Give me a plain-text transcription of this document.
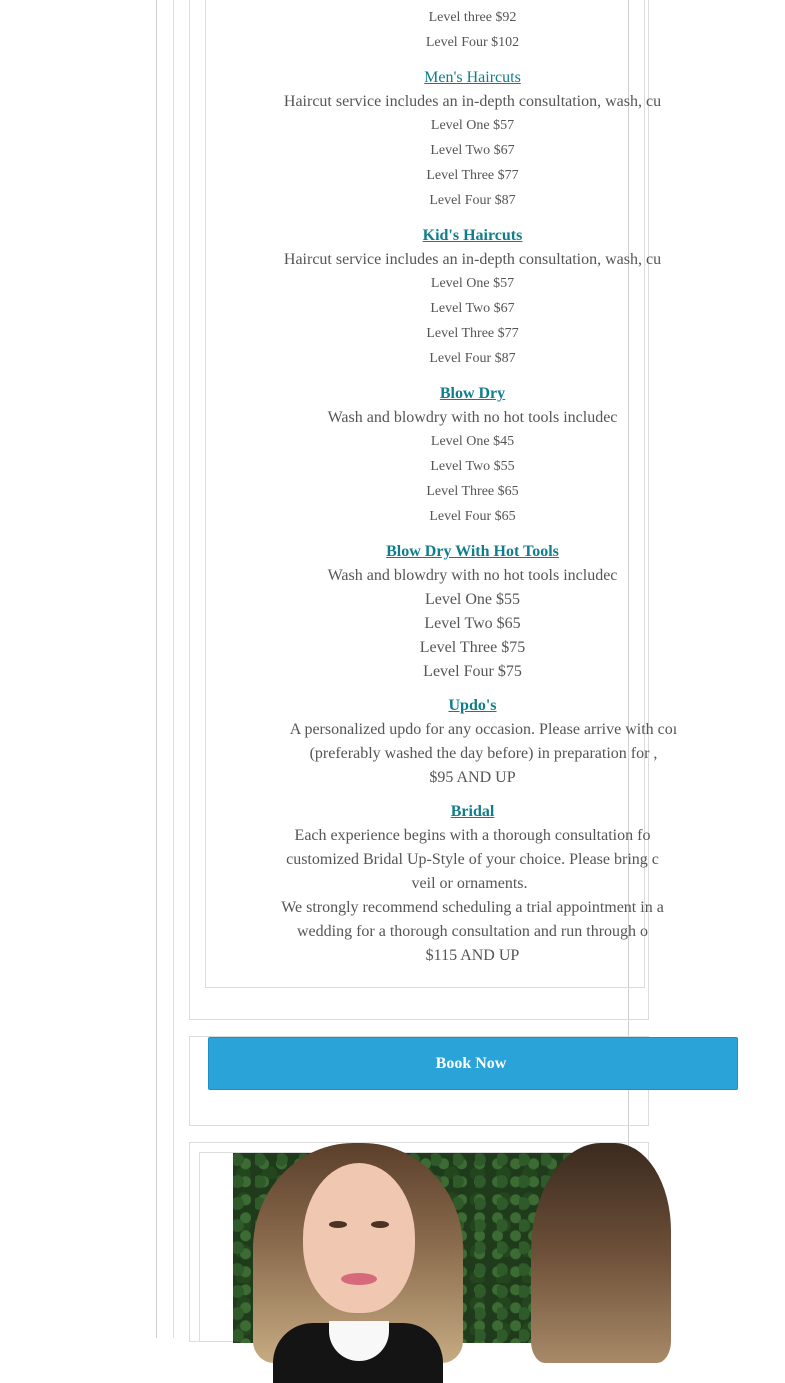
Level three $92
Level Four $102
Men's Haircuts
Haircut service includes an in-depth consultation, wash, cu
Level One $57
Level Two $67
Level Three $77
Level Four $87
Kid's Haircuts
Haircut service includes an in-depth consultation, wash, cu
Level One $57
Level Two $67
Level Three $77
Level Four $87
Blow Dry
Wash and blowdry with no hot tools includec
Level One $45
Level Two $55
Level Three $65
Level Four $65
Blow Dry With Hot Tools
Wash and blowdry with no hot tools includec
Level One $55
Level Two $65
Level Three $75
Level Four $75
Updo's
A personalized updo for any occasion. Please arrive with coı
(preferably washed the day before) in preparation for ,
$95 AND UP
Bridal
Each experience begins with a thorough consultation fo
customized Bridal Up-Style of your choice. Please bring c
veil or ornaments.
We strongly recommend scheduling a trial appointment in a
wedding for a thorough consultation and run through o
$115 AND UP
Book Now
